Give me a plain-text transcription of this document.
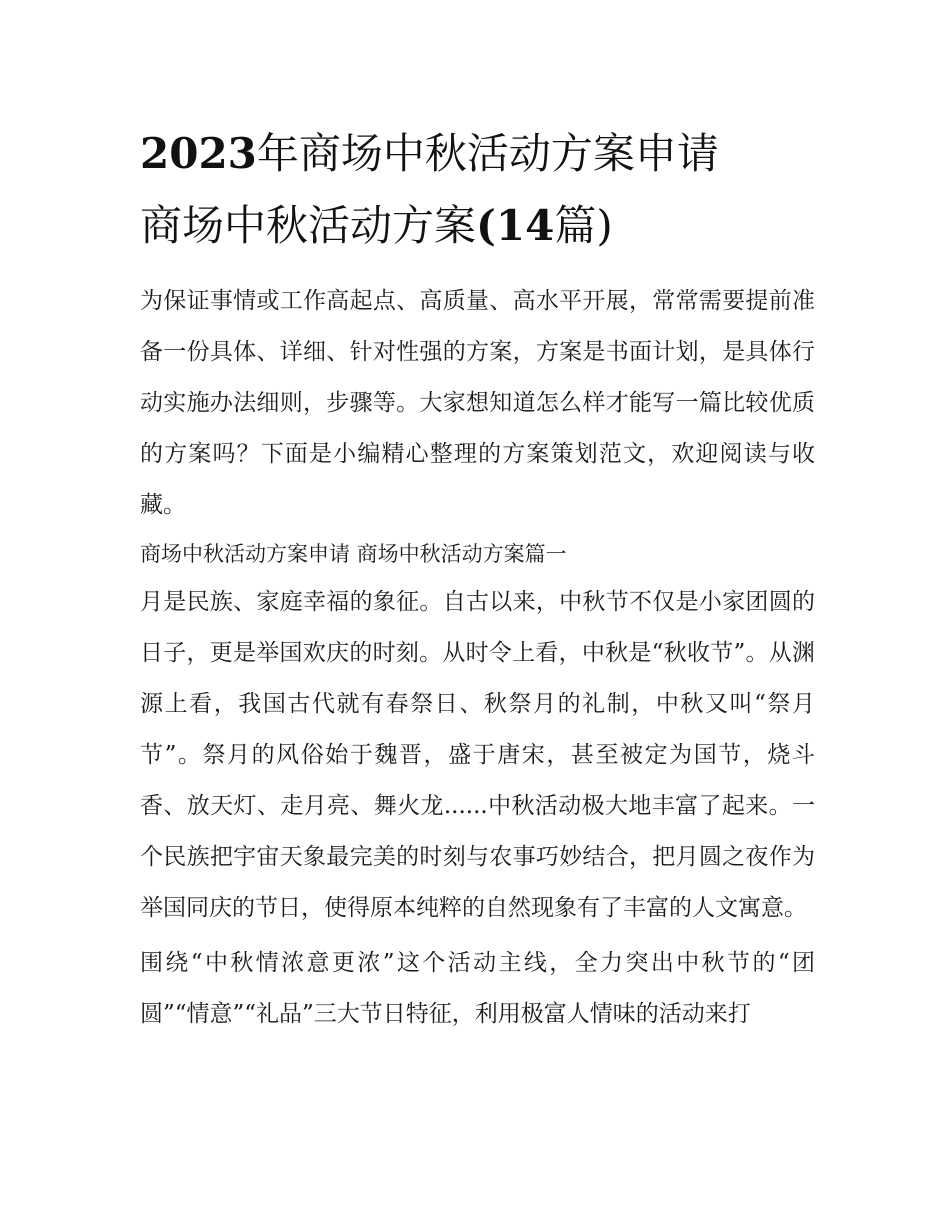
2023年商场中秋活动方案申请
商场中秋活动方案(14篇)

为保证事情或工作高起点、高质量、高水平开展，常常需要提前准备一份具体、详细、针对性强的方案，方案是书面计划，是具体行动实施办法细则，步骤等。大家想知道怎么样才能写一篇比较优质的方案吗？下面是小编精心整理的方案策划范文，欢迎阅读与收藏。

商场中秋活动方案申请 商场中秋活动方案篇一

月是民族、家庭幸福的象征。自古以来，中秋节不仅是小家团圆的日子，更是举国欢庆的时刻。从时令上看，中秋是“秋收节”。从渊源上看，我国古代就有春祭日、秋祭月的礼制，中秋又叫“祭月节”。祭月的风俗始于魏晋，盛于唐宋，甚至被定为国节，烧斗香、放天灯、走月亮、舞火龙......中秋活动极大地丰富了起来。一个民族把宇宙天象最完美的时刻与农事巧妙结合，把月圆之夜作为举国同庆的节日，使得原本纯粹的自然现象有了丰富的人文寓意。

围绕“中秋情浓意更浓”这个活动主线，全力突出中秋节的“团圆”“情意”“礼品”三大节日特征，利用极富人情味的活动来打
